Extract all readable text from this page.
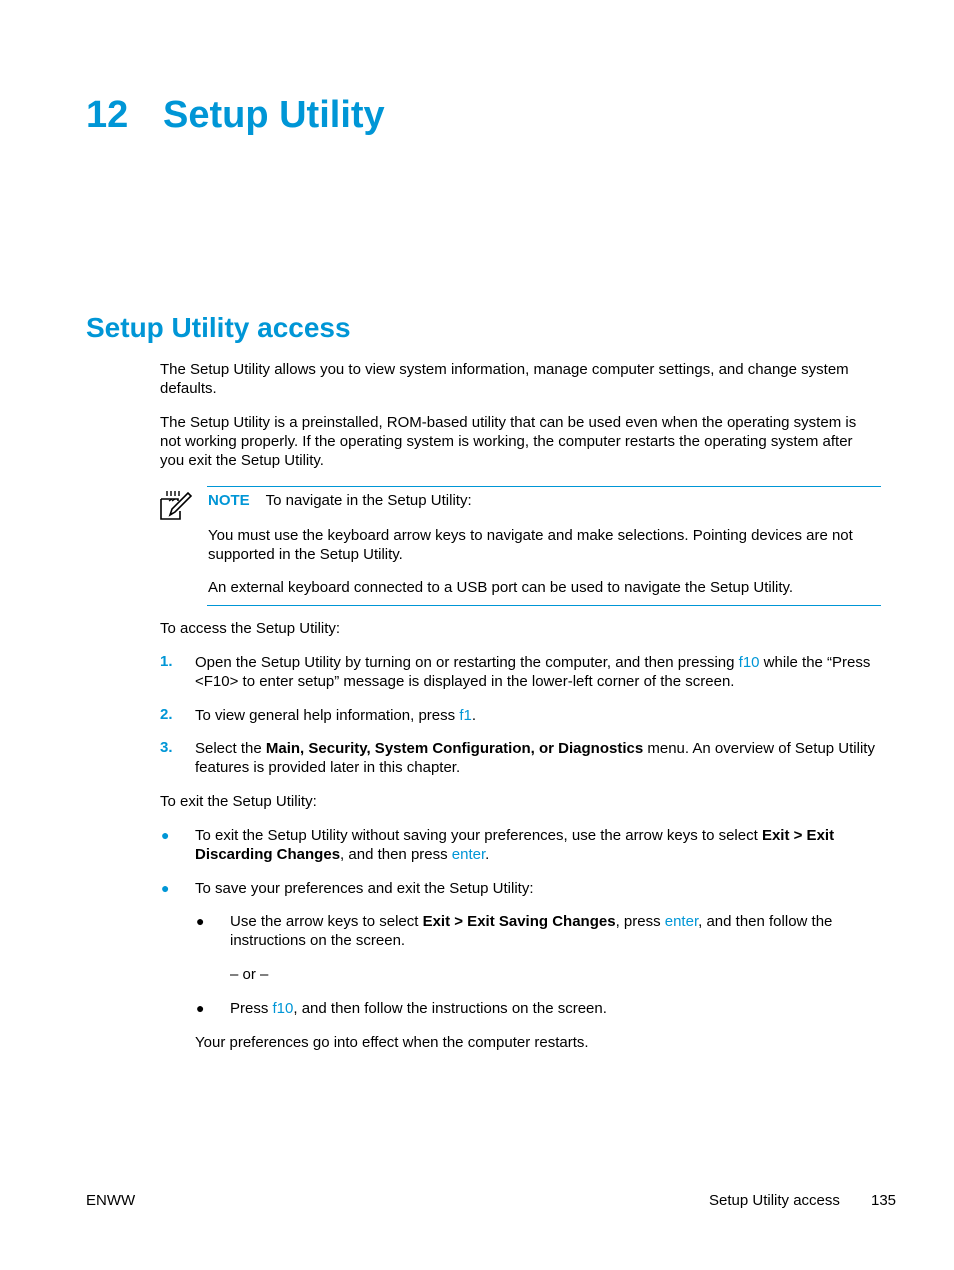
12 Setup Utility
Setup Utility access
The Setup Utility allows you to view system information, manage computer settings, and change system defaults.
The Setup Utility is a preinstalled, ROM-based utility that can be used even when the operating system is not working properly. If the operating system is working, the computer restarts the operating system after you exit the Setup Utility.
NOTE To navigate in the Setup Utility:
You must use the keyboard arrow keys to navigate and make selections. Pointing devices are not supported in the Setup Utility.
An external keyboard connected to a USB port can be used to navigate the Setup Utility.
To access the Setup Utility:
1. Open the Setup Utility by turning on or restarting the computer, and then pressing f10 while the “Press <F10> to enter setup” message is displayed in the lower-left corner of the screen.
2. To view general help information, press f1.
3. Select the Main, Security, System Configuration, or Diagnostics menu. An overview of Setup Utility features is provided later in this chapter.
To exit the Setup Utility:
● To exit the Setup Utility without saving your preferences, use the arrow keys to select Exit > Exit Discarding Changes, and then press enter.
● To save your preferences and exit the Setup Utility:
● Use the arrow keys to select Exit > Exit Saving Changes, press enter, and then follow the instructions on the screen.
– or –
● Press f10, and then follow the instructions on the screen.
Your preferences go into effect when the computer restarts.
ENWW	Setup Utility access 135
